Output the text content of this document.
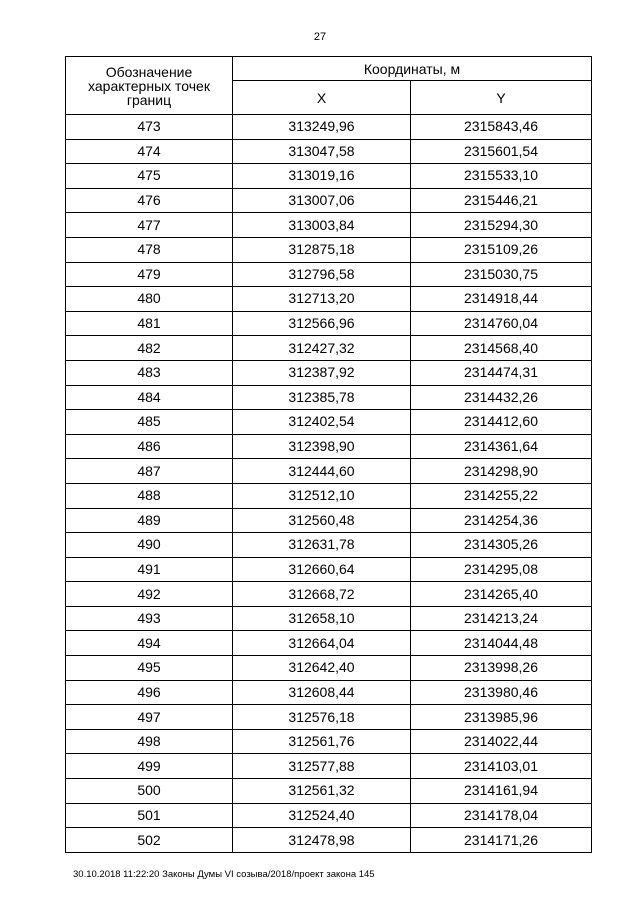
27
Обозначение характерных точек границ	Координаты, м	
	X	Y
473	313249,96	2315843,46
474	313047,58	2315601,54
475	313019,16	2315533,10
476	313007,06	2315446,21
477	313003,84	2315294,30
478	312875,18	2315109,26
479	312796,58	2315030,75
480	312713,20	2314918,44
481	312566,96	2314760,04
482	312427,32	2314568,40
483	312387,92	2314474,31
484	312385,78	2314432,26
485	312402,54	2314412,60
486	312398,90	2314361,64
487	312444,60	2314298,90
488	312512,10	2314255,22
489	312560,48	2314254,36
490	312631,78	2314305,26
491	312660,64	2314295,08
492	312668,72	2314265,40
493	312658,10	2314213,24
494	312664,04	2314044,48
495	312642,40	2313998,26
496	312608,44	2313980,46
497	312576,18	2313985,96
498	312561,76	2314022,44
499	312577,88	2314103,01
500	312561,32	2314161,94
501	312524,40	2314178,04
502	312478,98	2314171,26
30.10.2018 11:22:20 Законы Думы VI созыва/2018/проект закона 145
